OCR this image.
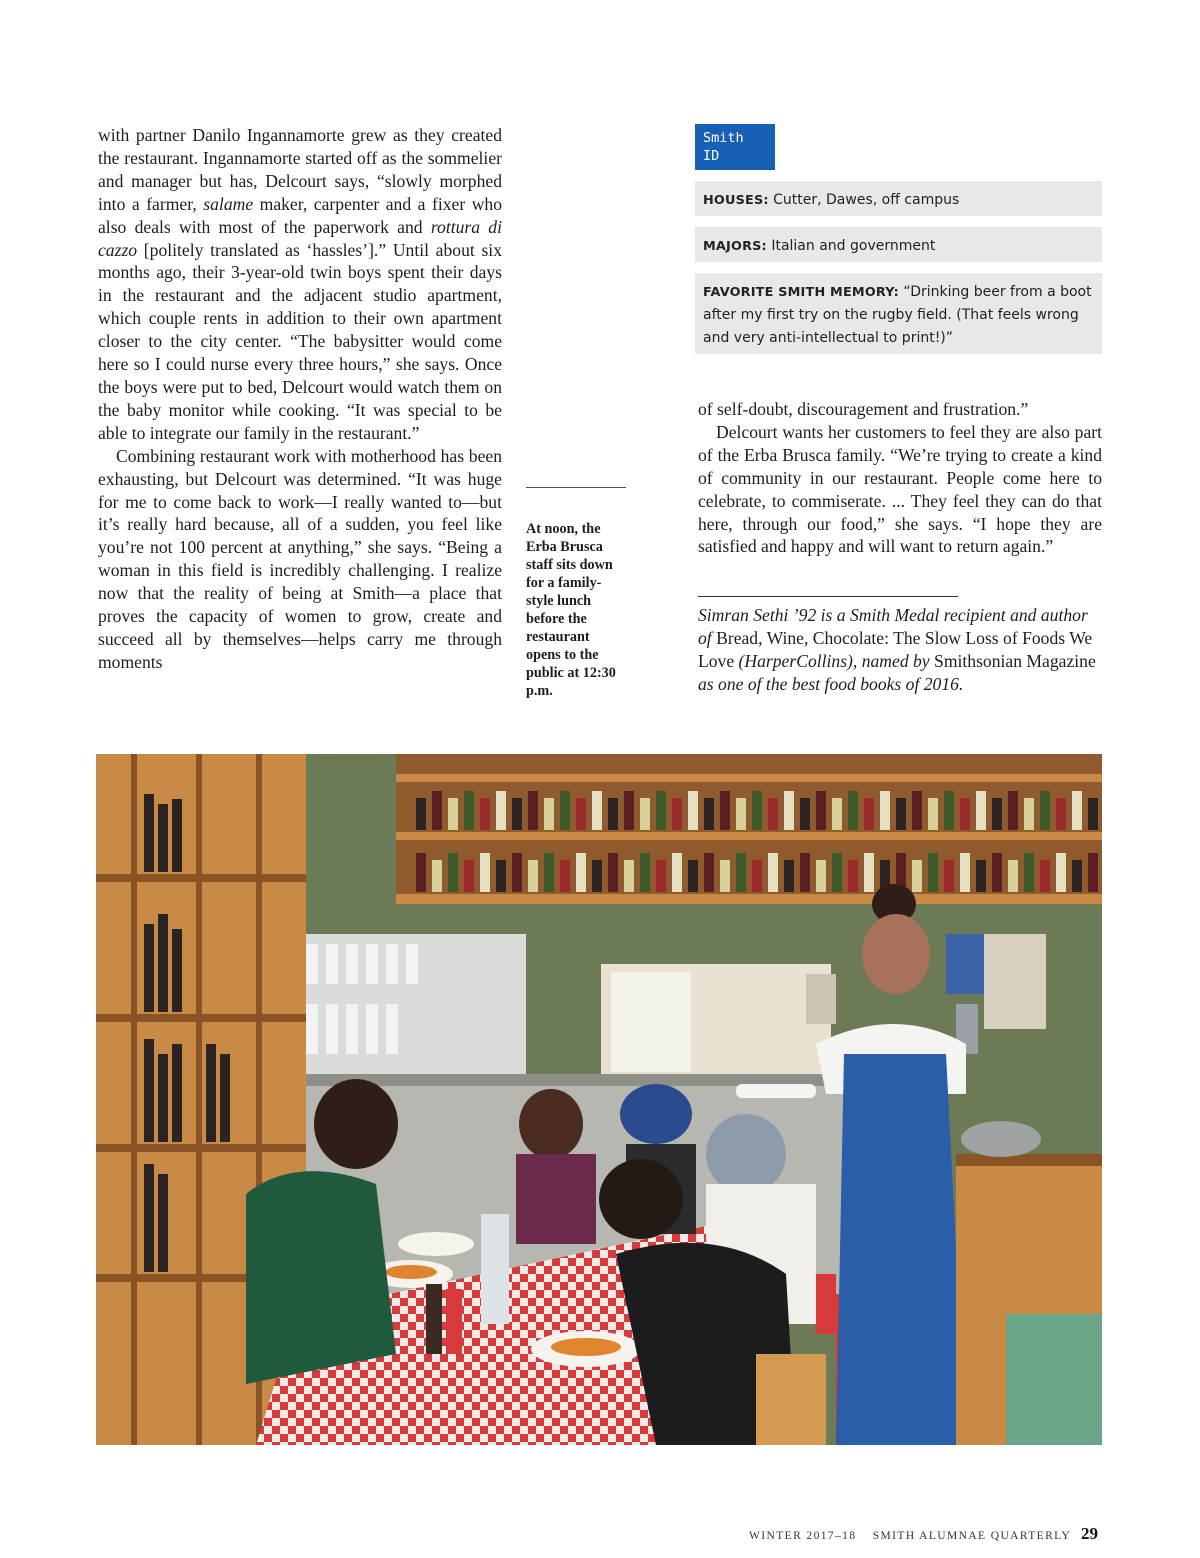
with partner Danilo Ingannamorte grew as they created the restaurant. Ingannamorte started off as the sommelier and manager but has, Delcourt says, “slowly morphed into a farmer, salame maker, carpenter and a fixer who also deals with most of the paperwork and rottura di cazzo [politely translated as ‘hassles’].” Until about six months ago, their 3-year-old twin boys spent their days in the restaurant and the adjacent studio apartment, which couple rents in addition to their own apartment closer to the city center. “The babysitter would come here so I could nurse every three hours,” she says. Once the boys were put to bed, Delcourt would watch them on the baby monitor while cooking. “It was special to be able to integrate our family in the restaurant.”

Combining restaurant work with motherhood has been exhausting, but Delcourt was determined. “It was huge for me to come back to work—I really wanted to—but it’s really hard because, all of a sudden, you feel like you’re not 100 percent at anything,” she says. “Being a woman in this field is incredibly challenging. I realize now that the reality of being at Smith—a place that proves the capacity of women to grow, create and succeed all by themselves—helps carry me through moments

At noon, the Erba Brusca staff sits down for a family-style lunch before the restaurant opens to the public at 12:30 p.m.
Smith
ID
HOUSES: Cutter, Dawes, off campus
MAJORS: Italian and government
FAVORITE SMITH MEMORY: “Drinking beer from a boot after my first try on the rugby field. (That feels wrong and very anti-intellectual to print!)”

of self-doubt, discouragement and frustration.”

Delcourt wants her customers to feel they are also part of the Erba Brusca family. “We’re trying to create a kind of community in our restaurant. People come here to celebrate, to commiserate. ... They feel they can do that here, through our food,” she says. “I hope they are satisfied and happy and will want to return again.”

Simran Sethi ’92 is a Smith Medal recipient and author of Bread, Wine, Chocolate: The Slow Loss of Foods We Love (HarperCollins), named by Smithsonian Magazine as one of the best food books of 2016.
WINTER 2017–18 SMITH ALUMNAE QUARTERLY 29
